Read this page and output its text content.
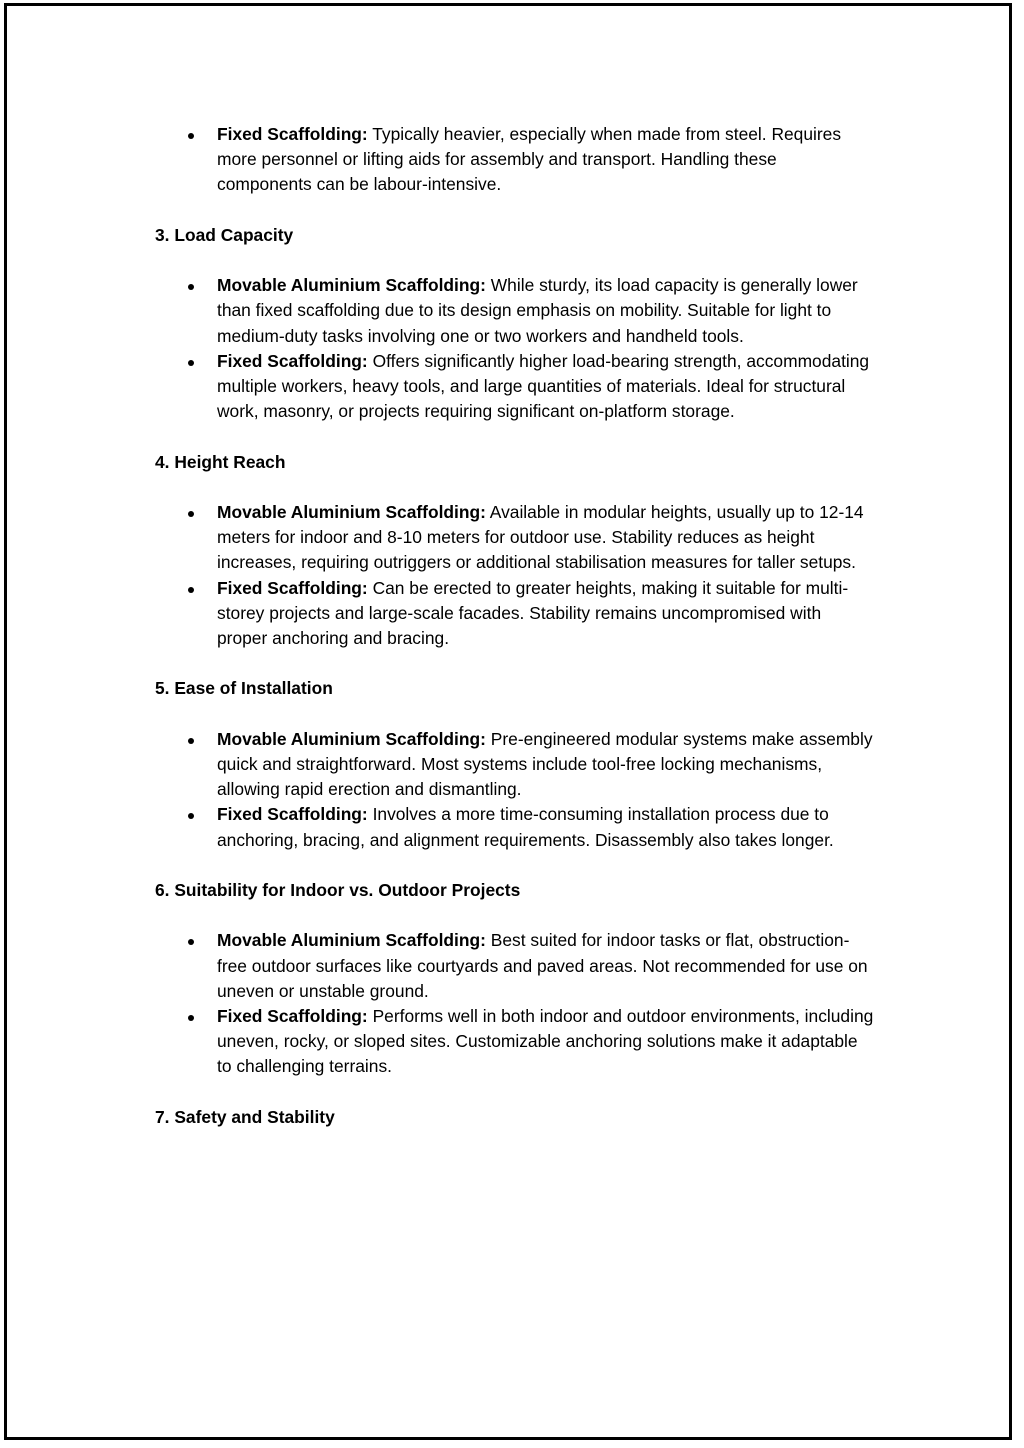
Fixed Scaffolding: Typically heavier, especially when made from steel. Requires more personnel or lifting aids for assembly and transport. Handling these components can be labour-intensive.
3. Load Capacity
Movable Aluminium Scaffolding: While sturdy, its load capacity is generally lower than fixed scaffolding due to its design emphasis on mobility. Suitable for light to medium-duty tasks involving one or two workers and handheld tools.
Fixed Scaffolding: Offers significantly higher load-bearing strength, accommodating multiple workers, heavy tools, and large quantities of materials. Ideal for structural work, masonry, or projects requiring significant on-platform storage.
4. Height Reach
Movable Aluminium Scaffolding: Available in modular heights, usually up to 12-14 meters for indoor and 8-10 meters for outdoor use. Stability reduces as height increases, requiring outriggers or additional stabilisation measures for taller setups.
Fixed Scaffolding: Can be erected to greater heights, making it suitable for multi-storey projects and large-scale facades. Stability remains uncompromised with proper anchoring and bracing.
5. Ease of Installation
Movable Aluminium Scaffolding: Pre-engineered modular systems make assembly quick and straightforward. Most systems include tool-free locking mechanisms, allowing rapid erection and dismantling.
Fixed Scaffolding: Involves a more time-consuming installation process due to anchoring, bracing, and alignment requirements. Disassembly also takes longer.
6. Suitability for Indoor vs. Outdoor Projects
Movable Aluminium Scaffolding: Best suited for indoor tasks or flat, obstruction-free outdoor surfaces like courtyards and paved areas. Not recommended for use on uneven or unstable ground.
Fixed Scaffolding: Performs well in both indoor and outdoor environments, including uneven, rocky, or sloped sites. Customizable anchoring solutions make it adaptable to challenging terrains.
7. Safety and Stability
